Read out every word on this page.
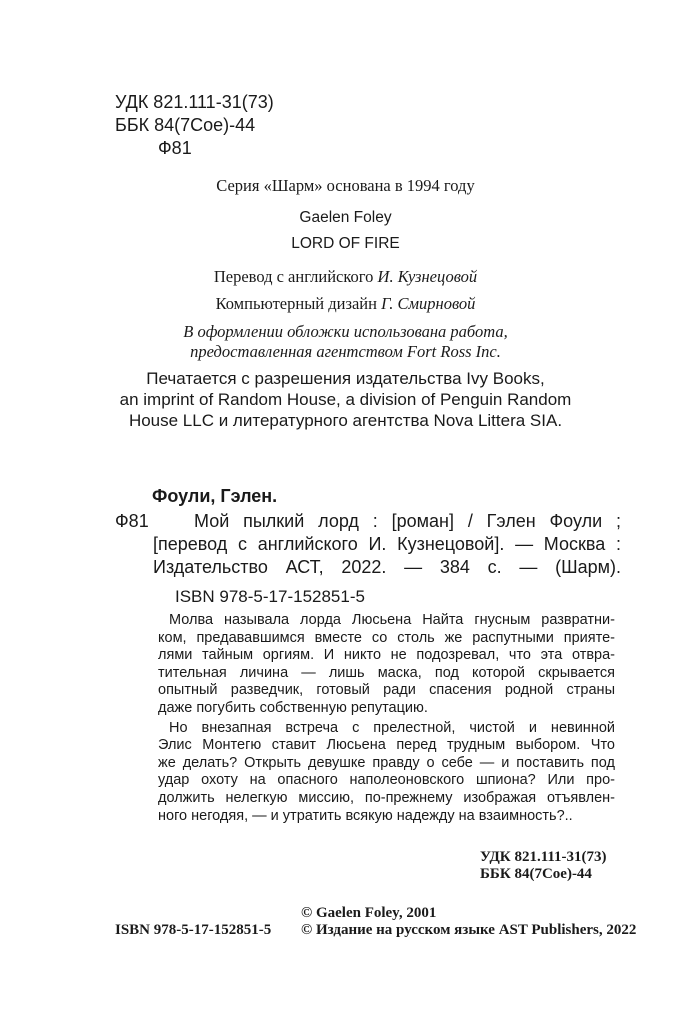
УДК 821.111-31(73)
ББК 84(7Сое)-44
Ф81
Серия «Шарм» основана в 1994 году
Gaelen Foley
LORD OF FIRE
Перевод с английского И. Кузнецовой
Компьютерный дизайн Г. Смирновой
В оформлении обложки использована работа,
предоставленная агентством Fort Ross Inc.
Печатается с разрешения издательства Ivy Books,
an imprint of Random House, a division of Penguin Random
House LLC и литературного агентства Nova Littera SIA.
Фоули, Гэлен.
Ф81	Мой пылкий лорд : [роман] / Гэлен Фоули ;
[перевод с английского И. Кузнецовой]. — Москва :
Издательство АСТ, 2022. — 384 с. — (Шарм).
ISBN 978-5-17-152851-5
Молва называла лорда Люсьена Найта гнусным развратни-
ком, предававшимся вместе со столь же распутными прияте-
лями тайным оргиям. И никто не подозревал, что эта отвра-
тительная личина — лишь маска, под которой скрывается
опытный разведчик, готовый ради спасения родной страны
даже погубить собственную репутацию.
Но внезапная встреча с прелестной, чистой и невинной
Элис Монтегю ставит Люсьена перед трудным выбором. Что
же делать? Открыть девушке правду о себе — и поставить под
удар охоту на опасного наполеоновского шпиона? Или про-
должить нелегкую миссию, по-прежнему изображая отъявлен-
ного негодяя, — и утратить всякую надежду на взаимность?..
УДК 821.111-31(73)
ББК 84(7Сое)-44
© Gaelen Foley, 2001
ISBN 978-5-17-152851-5 © Издание на русском языке AST Publishers, 2022
